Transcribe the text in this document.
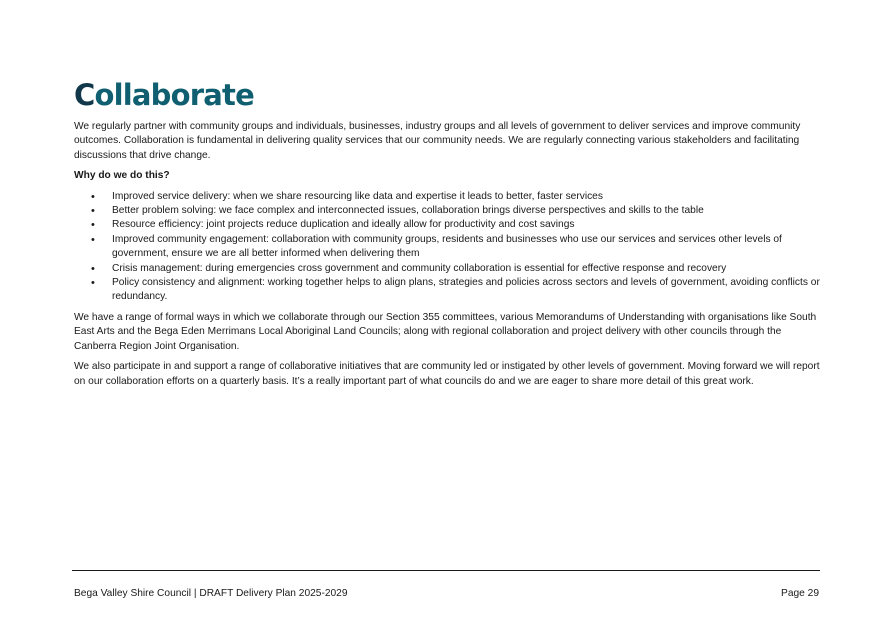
Collaborate

We regularly partner with community groups and individuals, businesses, industry groups and all levels of government to deliver services and improve community outcomes. Collaboration is fundamental in delivering quality services that our community needs. We are regularly connecting various stakeholders and facilitating discussions that drive change.

Why do we do this?

• Improved service delivery: when we share resourcing like data and expertise it leads to better, faster services
• Better problem solving: we face complex and interconnected issues, collaboration brings diverse perspectives and skills to the table
• Resource efficiency: joint projects reduce duplication and ideally allow for productivity and cost savings
• Improved community engagement: collaboration with community groups, residents and businesses who use our services and services other levels of government, ensure we are all better informed when delivering them
• Crisis management: during emergencies cross government and community collaboration is essential for effective response and recovery
• Policy consistency and alignment: working together helps to align plans, strategies and policies across sectors and levels of government, avoiding conflicts or redundancy.

We have a range of formal ways in which we collaborate through our Section 355 committees, various Memorandums of Understanding with organisations like South East Arts and the Bega Eden Merrimans Local Aboriginal Land Councils; along with regional collaboration and project delivery with other councils through the Canberra Region Joint Organisation.

We also participate in and support a range of collaborative initiatives that are community led or instigated by other levels of government. Moving forward we will report on our collaboration efforts on a quarterly basis. It’s a really important part of what councils do and we are eager to share more detail of this great work.

Bega Valley Shire Council | DRAFT Delivery Plan 2025-2029	Page 29
